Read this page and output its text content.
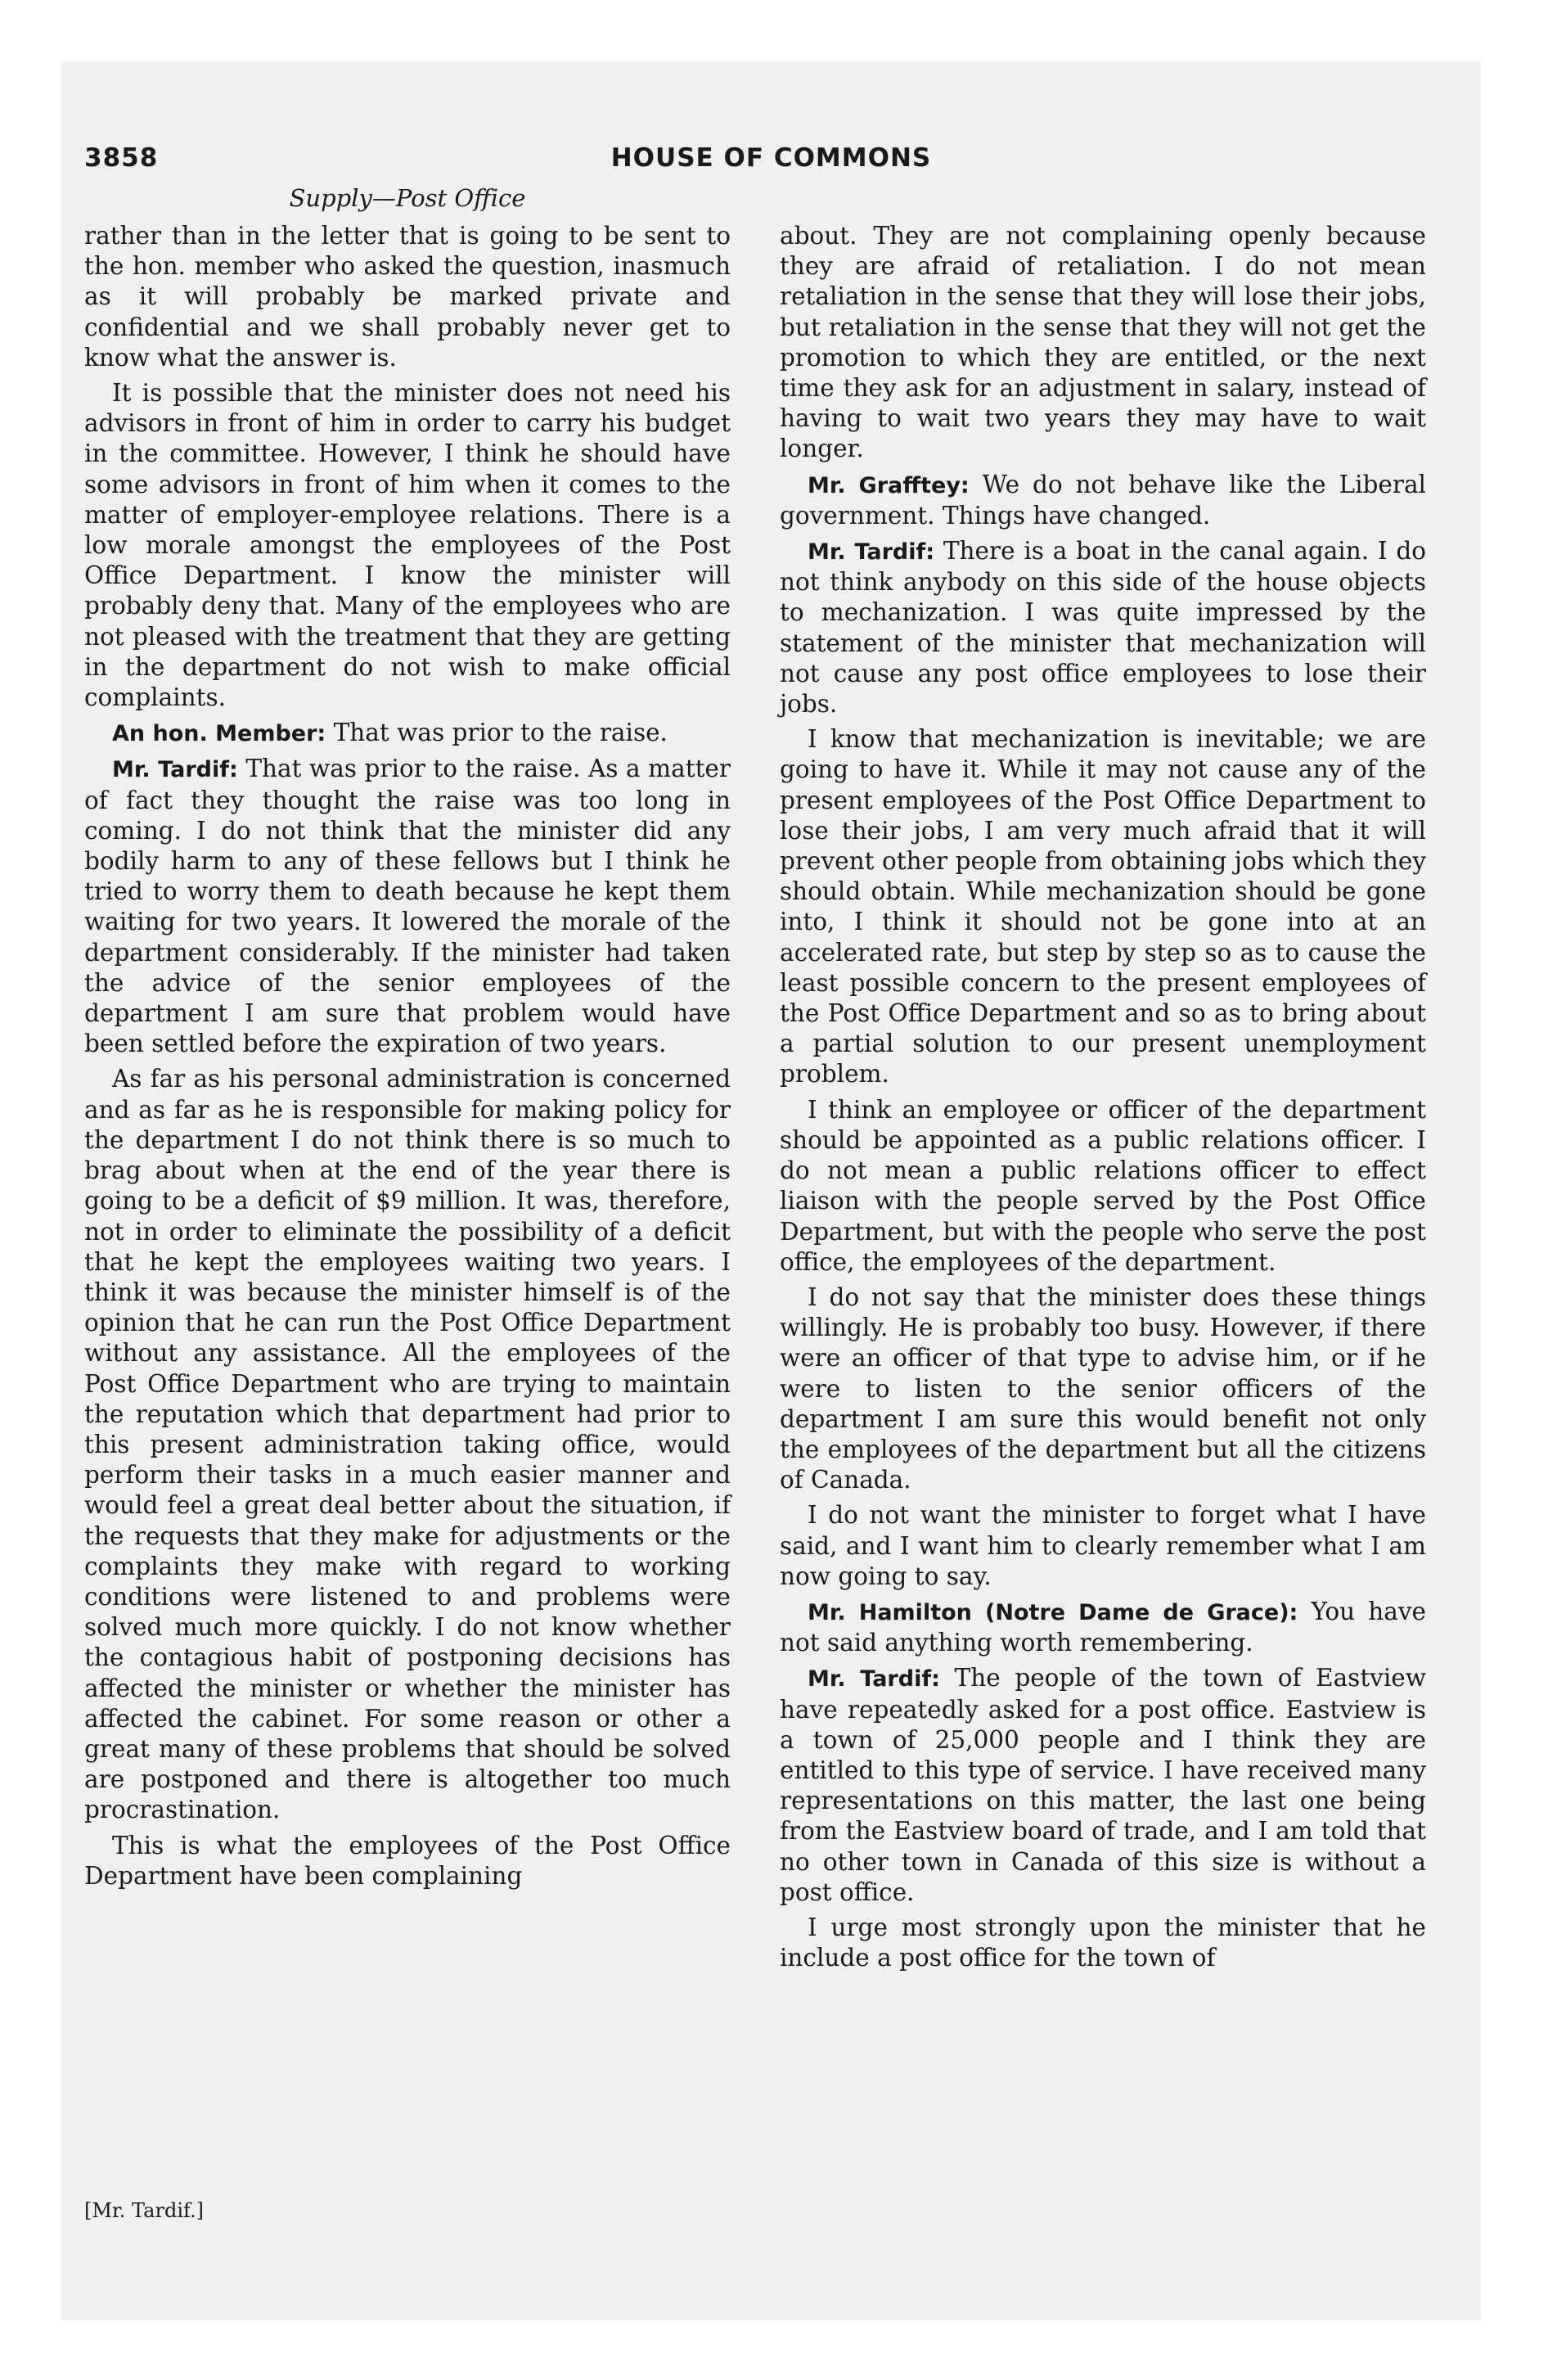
3858	HOUSE OF COMMONS
Supply—Post Office

rather than in the letter that is going to be sent to the hon. member who asked the question, inasmuch as it will probably be marked private and confidential and we shall probably never get to know what the answer is.

It is possible that the minister does not need his advisors in front of him in order to carry his budget in the committee. However, I think he should have some advisors in front of him when it comes to the matter of employer-employee relations. There is a low morale amongst the employees of the Post Office Department. I know the minister will probably deny that. Many of the employees who are not pleased with the treatment that they are getting in the department do not wish to make official complaints.

An hon. Member: That was prior to the raise.

Mr. Tardif: That was prior to the raise. As a matter of fact they thought the raise was too long in coming. I do not think that the minister did any bodily harm to any of these fellows but I think he tried to worry them to death because he kept them waiting for two years. It lowered the morale of the department considerably. If the minister had taken the advice of the senior employees of the department I am sure that problem would have been settled before the expiration of two years.

As far as his personal administration is concerned and as far as he is responsible for making policy for the department I do not think there is so much to brag about when at the end of the year there is going to be a deficit of $9 million. It was, therefore, not in order to eliminate the possibility of a deficit that he kept the employees waiting two years. I think it was because the minister himself is of the opinion that he can run the Post Office Department without any assistance. All the employees of the Post Office Department who are trying to maintain the reputation which that department had prior to this present administration taking office, would perform their tasks in a much easier manner and would feel a great deal better about the situation, if the requests that they make for adjustments or the complaints they make with regard to working conditions were listened to and problems were solved much more quickly. I do not know whether the contagious habit of postponing decisions has affected the minister or whether the minister has affected the cabinet. For some reason or other a great many of these problems that should be solved are postponed and there is altogether too much procrastination.

This is what the employees of the Post Office Department have been complaining

about. They are not complaining openly because they are afraid of retaliation. I do not mean retaliation in the sense that they will lose their jobs, but retaliation in the sense that they will not get the promotion to which they are entitled, or the next time they ask for an adjustment in salary, instead of having to wait two years they may have to wait longer.

Mr. Grafftey: We do not behave like the Liberal government. Things have changed.

Mr. Tardif: There is a boat in the canal again. I do not think anybody on this side of the house objects to mechanization. I was quite impressed by the statement of the minister that mechanization will not cause any post office employees to lose their jobs.

I know that mechanization is inevitable; we are going to have it. While it may not cause any of the present employees of the Post Office Department to lose their jobs, I am very much afraid that it will prevent other people from obtaining jobs which they should obtain. While mechanization should be gone into, I think it should not be gone into at an accelerated rate, but step by step so as to cause the least possible concern to the present employees of the Post Office Department and so as to bring about a partial solution to our present unemployment problem.

I think an employee or officer of the department should be appointed as a public relations officer. I do not mean a public relations officer to effect liaison with the people served by the Post Office Department, but with the people who serve the post office, the employees of the department.

I do not say that the minister does these things willingly. He is probably too busy. However, if there were an officer of that type to advise him, or if he were to listen to the senior officers of the department I am sure this would benefit not only the employees of the department but all the citizens of Canada.

I do not want the minister to forget what I have said, and I want him to clearly remember what I am now going to say.

Mr. Hamilton (Notre Dame de Grace): You have not said anything worth remembering.

Mr. Tardif: The people of the town of Eastview have repeatedly asked for a post office. Eastview is a town of 25,000 people and I think they are entitled to this type of service. I have received many representations on this matter, the last one being from the Eastview board of trade, and I am told that no other town in Canada of this size is without a post office.

I urge most strongly upon the minister that he include a post office for the town of

[Mr. Tardif.]
